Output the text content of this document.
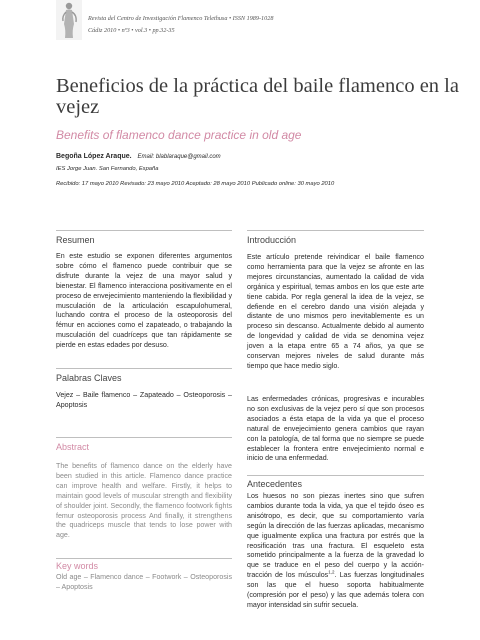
Revista del Centro de Investigación Flamenco Telethusa • ISSN 1989-1028
Cádiz 2010 • nº3 • vol.3 • pp.32-35
Beneficios de la práctica del baile flamenco en la vejez
Benefits of flamenco dance practice in old age
Begoña López Araque. Email: blablaraque@gmail.com
IES Jorge Juan. San Fernando, España
Recibido: 17 mayo 2010 Revisado: 23 mayo 2010 Aceptado: 28 mayo 2010 Publicado online: 30 mayo 2010
Resumen

En este estudio se exponen diferentes argumentos sobre cómo el flamenco puede contribuir que se disfrute durante la vejez de una mayor salud y bienestar. El flamenco interacciona positivamente en el proceso de envejecimiento manteniendo la flexibilidad y musculación de la articulación escapulohumeral, luchando contra el proceso de la osteoporosis del fémur en acciones como el zapateado, o trabajando la musculación del cuadríceps que tan rápidamente se pierde en estas edades por desuso.

Palabras Claves

Vejez – Baile flamenco – Zapateado – Osteoporosis – Apoptosis

Abstract

The benefits of flamenco dance on the elderly have been studied in this article. Flamenco dance practice can improve health and welfare. Firstly, it helps to maintain good levels of muscular strength and flexibility of shoulder joint. Secondly, the flamenco footwork fights femur osteoporosis process And finally, it strengthens the quadriceps muscle that tends to lose power with age.

Key words

Old age – Flamenco dance – Footwork – Osteoporosis – Apoptosis

Introducción

Este artículo pretende reivindicar el baile flamenco como herramienta para que la vejez se afronte en las mejores circunstancias, aumentado la calidad de vida orgánica y espiritual, temas ambos en los que este arte tiene cabida. Por regla general la idea de la vejez, se defiende en el cerebro dando una visión alejada y distante de uno mismos pero inevitablemente es un proceso sin descanso. Actualmente debido al aumento de longevidad y calidad de vida se denomina vejez joven a la etapa entre 65 a 74 años, ya que se conservan mejores niveles de salud durante más tiempo que hace medio siglo.

Las enfermedades crónicas, progresivas e incurables no son exclusivas de la vejez pero sí que son procesos asociados a ésta etapa de la vida ya que el proceso natural de envejecimiento genera cambios que rayan con la patología, de tal forma que no siempre se puede establecer la frontera entre envejecimiento normal e inicio de una enfermedad.

Antecedentes

Los huesos no son piezas inertes sino que sufren cambios durante toda la vida, ya que el tejido óseo es anisótropo, es decir, que su comportamiento varía según la dirección de las fuerzas aplicadas, mecanismo que igualmente explica una fractura por estrés que la reosificación tras una fractura. El esqueleto esta sometido principalmente a la fuerza de la gravedad lo que se traduce en el peso del cuerpo y la acción-tracción de los músculos$^{1,2}$. Las fuerzas longitudinales son las que el hueso soporta habitualmente (compresión por el peso) y las que además tolera con mayor intensidad sin sufrir secuela.
